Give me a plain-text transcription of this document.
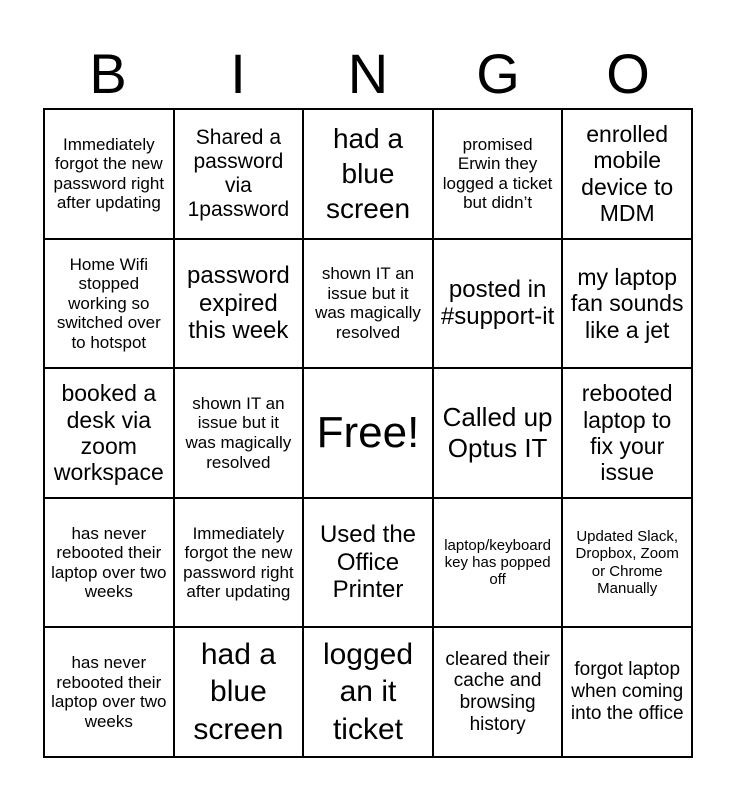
B	I	N	G	O
Immediately forgot the new password right after updating
Shared a password via 1password
had a blue screen
promised Erwin they logged a ticket but didn’t
enrolled mobile device to MDM
Home Wifi stopped working so switched over to hotspot
password expired this week
shown IT an issue but it was magically resolved
posted in #support-it
my laptop fan sounds like a jet
booked a desk via zoom workspace
shown IT an issue but it was magically resolved
Free! Called up Optus IT
rebooted laptop to fix your issue
has never rebooted their laptop over two weeks
Immediately forgot the new password right after updating
Used the Office Printer
laptop/keyboard key has popped off
Updated Slack, Dropbox, Zoom or Chrome Manually
has never rebooted their laptop over two weeks
had a blue screen
logged an it ticket
cleared their cache and browsing history
forgot laptop when coming into the office
